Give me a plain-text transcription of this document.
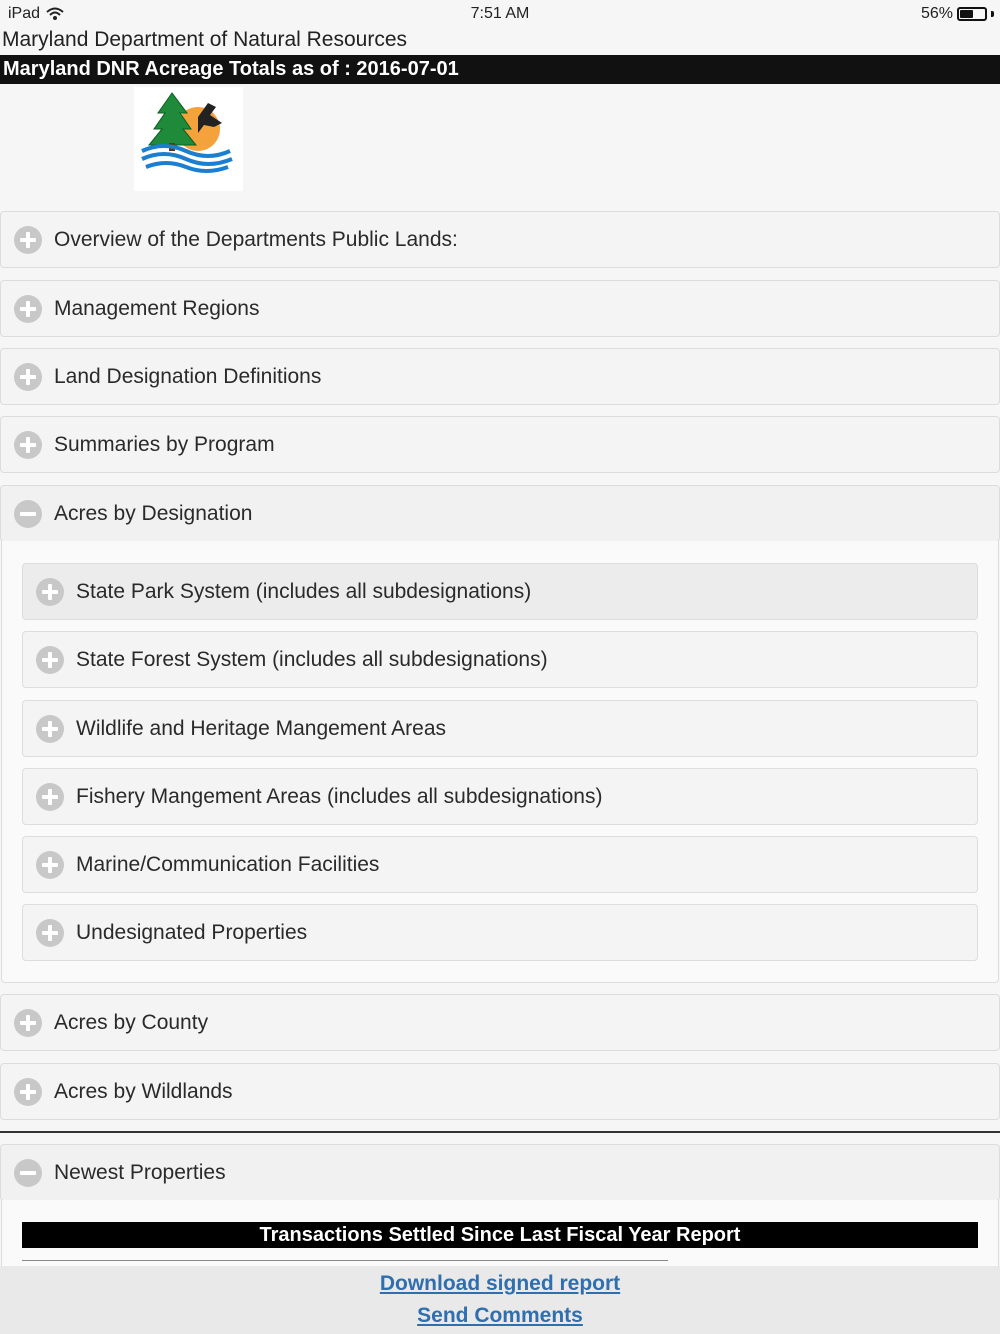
iPad	7:51 AM	56%
Maryland Department of Natural Resources
Maryland DNR Acreage Totals as of : 2016-07-01
Overview of the Departments Public Lands:
Management Regions
Land Designation Definitions
Summaries by Program
Acres by Designation
State Park System (includes all subdesignations)
State Forest System (includes all subdesignations)
Wildlife and Heritage Mangement Areas
Fishery Mangement Areas (includes all subdesignations)
Marine/Communication Facilities
Undesignated Properties
Acres by County
Acres by Wildlands
Newest Properties
Transactions Settled Since Last Fiscal Year Report
Download signed report
Send Comments
